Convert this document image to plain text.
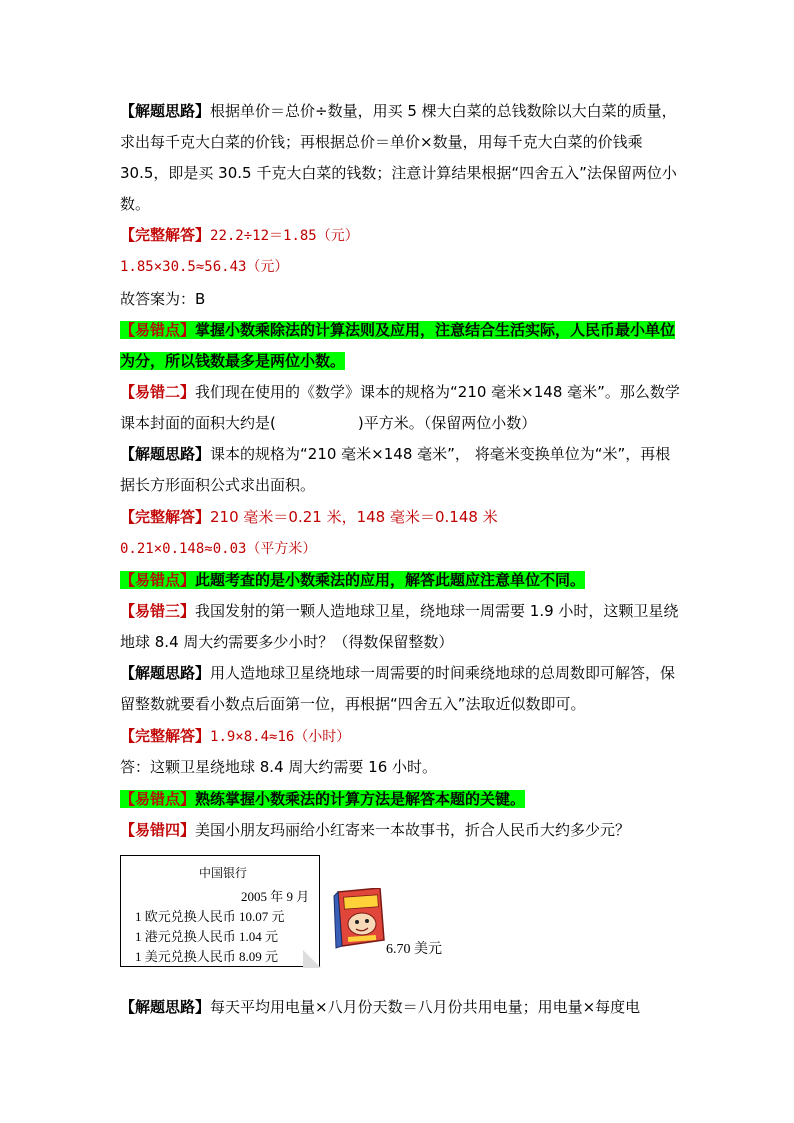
【解题思路】根据单价＝总价÷数量，用买 5 棵大白菜的总钱数除以大白菜的质量，求出每千克大白菜的价钱；再根据总价＝单价×数量，用每千克大白菜的价钱乘 30.5，即是买 30.5 千克大白菜的钱数；注意计算结果根据“四舍五入”法保留两位小数。

【完整解答】22.2÷12＝1.85（元）
1.85×30.5≈56.43（元）
故答案为：B

【易错点】掌握小数乘除法的计算法则及应用，注意结合生活实际，人民币最小单位为分，所以钱数最多是两位小数。

【易错二】我们现在使用的《数学》课本的规格为“210 毫米×148 毫米”。那么数学课本封面的面积大约是(	)平方米。（保留两位小数）

【解题思路】课本的规格为“210 毫米×148 毫米”， 将毫米变换单位为“米”，再根据长方形面积公式求出面积。

【完整解答】210 毫米＝0.21 米，148 毫米＝0.148 米
0.21×0.148≈0.03（平方米）
【易错点】此题考查的是小数乘法的应用，解答此题应注意单位不同。

【易错三】我国发射的第一颗人造地球卫星，绕地球一周需要 1.9 小时，这颗卫星绕地球 8.4 周大约需要多少小时？（得数保留整数）

【解题思路】用人造地球卫星绕地球一周需要的时间乘绕地球的总周数即可解答，保留整数就要看小数点后面第一位，再根据“四舍五入”法取近似数即可。

【完整解答】1.9×8.4≈16（小时）
答：这颗卫星绕地球 8.4 周大约需要 16 小时。
【易错点】熟练掌握小数乘法的计算方法是解答本题的关键。
【易错四】美国小朋友玛丽给小红寄来一本故事书，折合人民币大约多少元？
中国银行
2005 年 9 月
1 欧元兑换人民币 10.07 元
1 港元兑换人民币 1.04 元
1 美元兑换人民币 8.09 元	6.70 美元
【解题思路】每天平均用电量×八月份天数＝八月份共用电量；用电量×每度电
